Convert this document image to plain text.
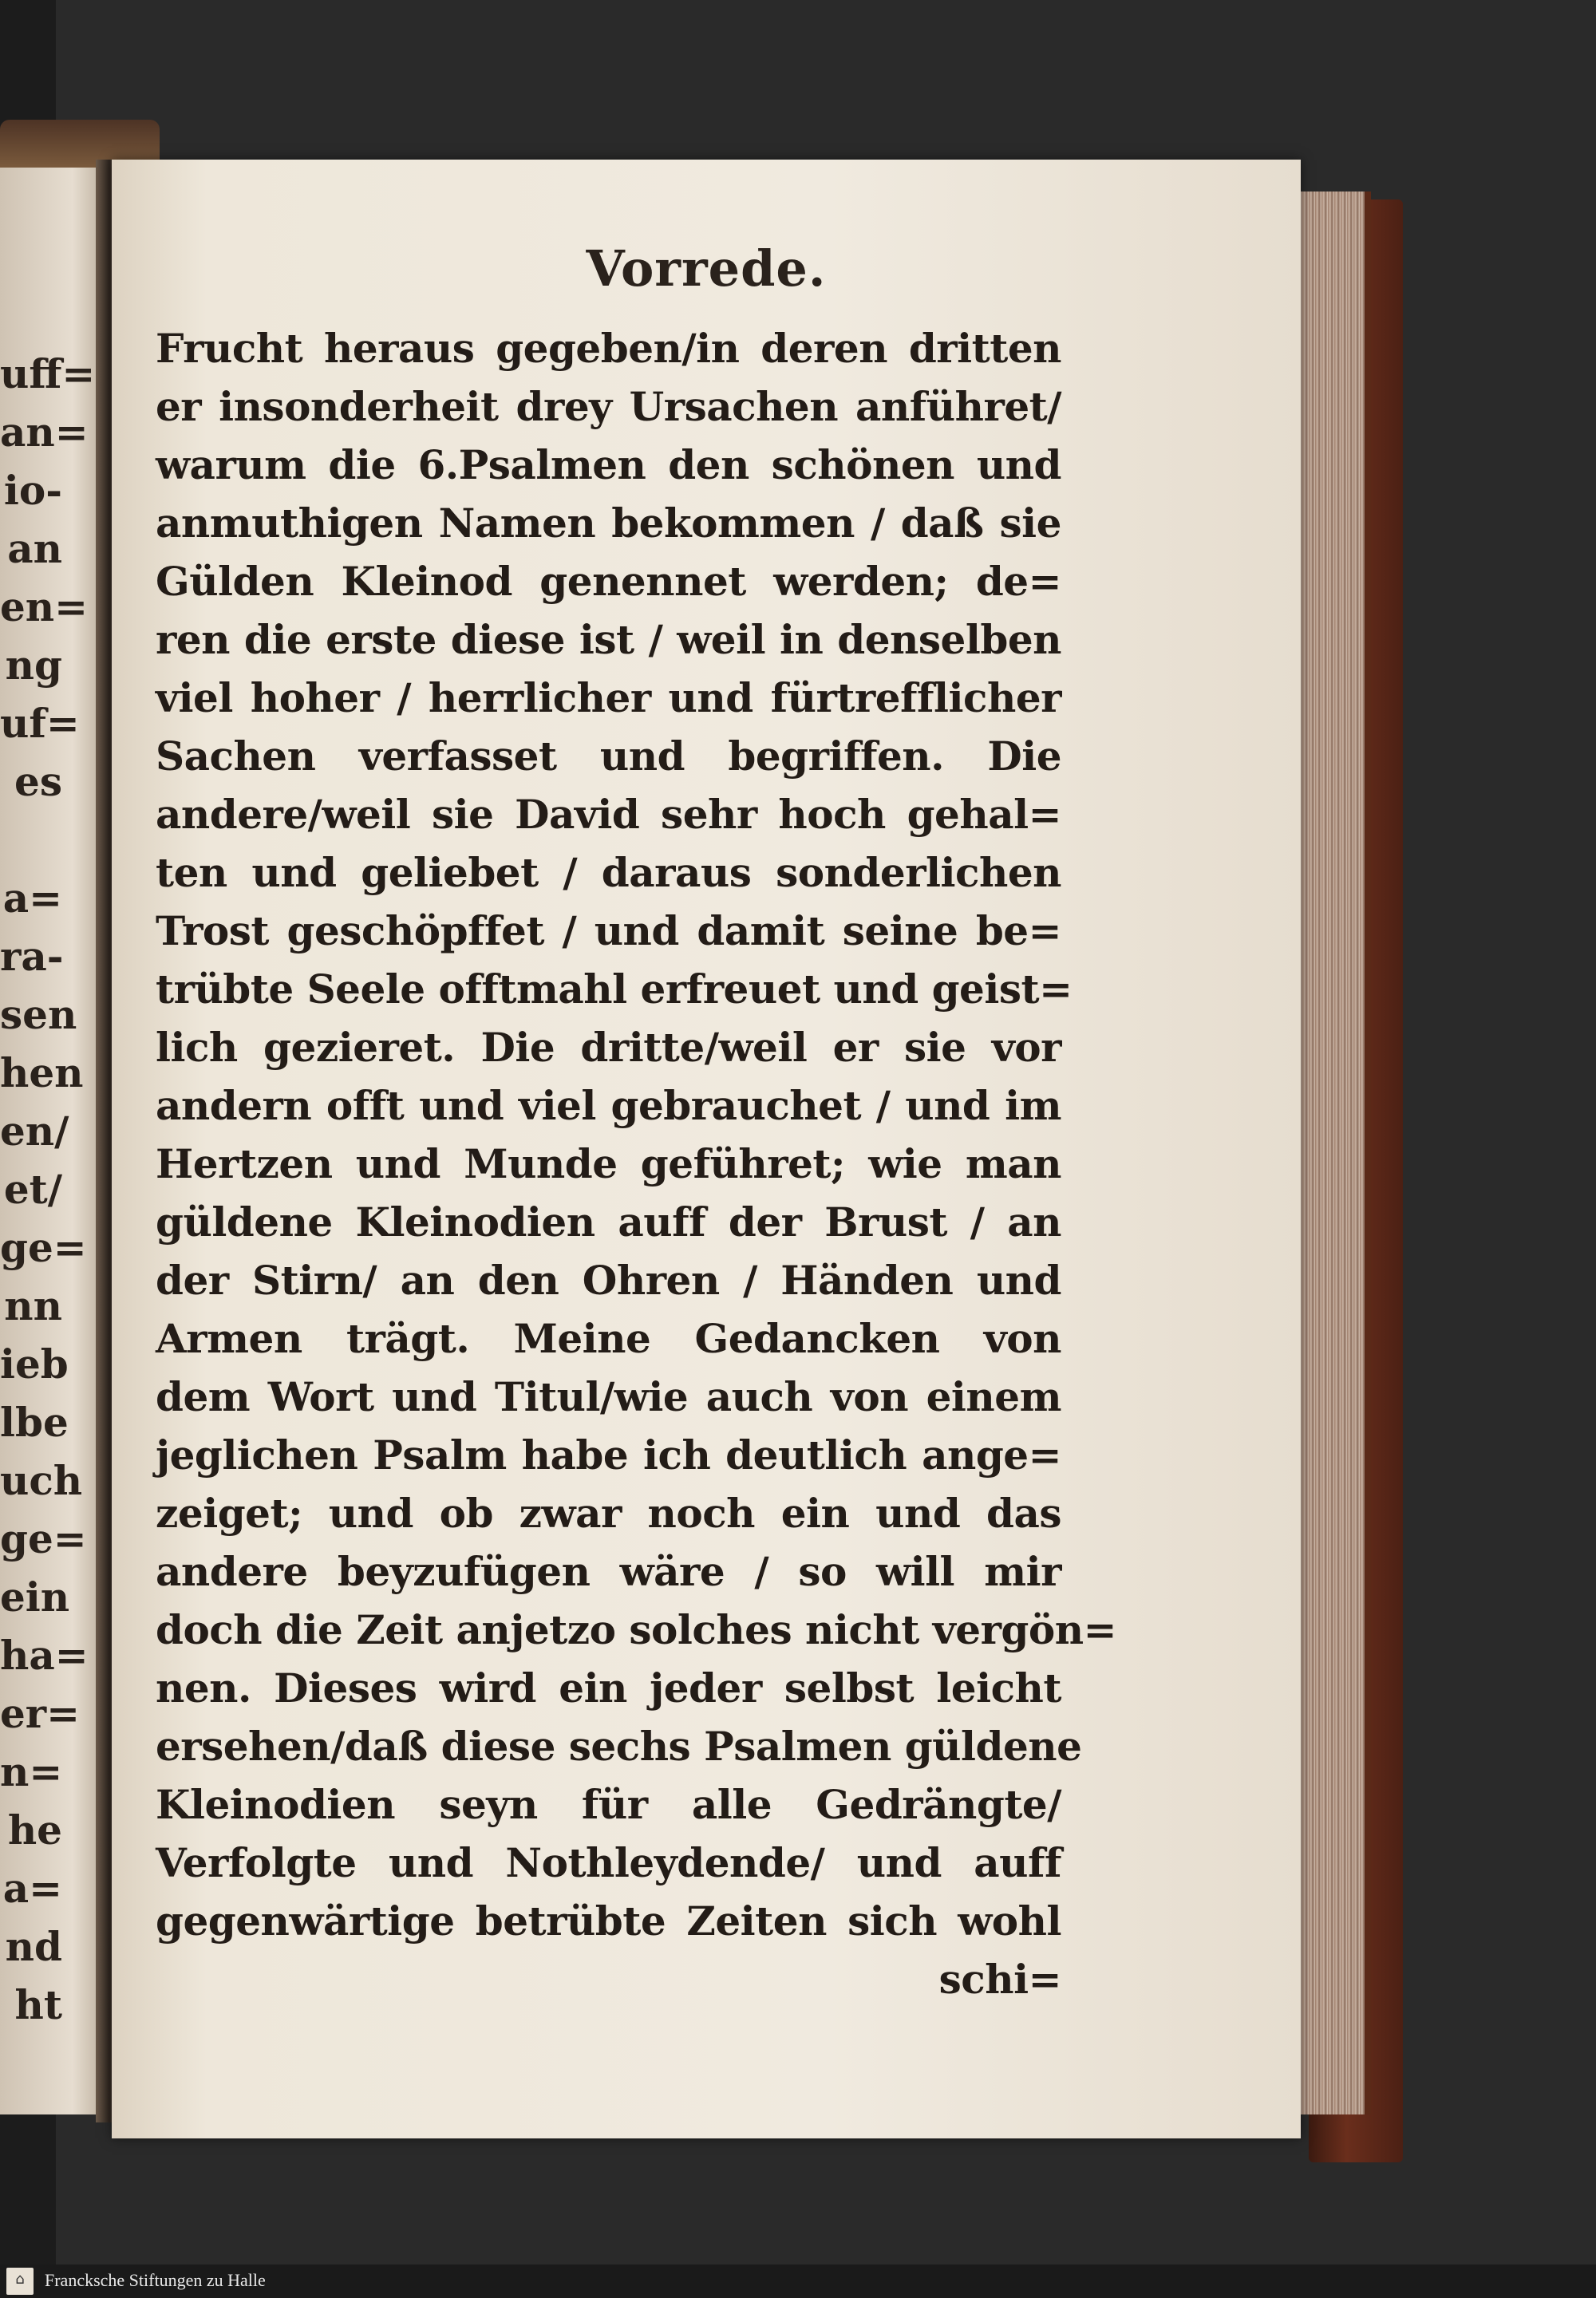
uff=
an=
io-
an
en=
ng
uf=
es
a=
ra-
sen
hen
en/
et/
ge=
nn
ieb
lbe
uch
ge=
ein
ha=
er=
n=
he
a=
nd
ht
Vorrede.
Frucht heraus gegeben/in deren dritten
er insonderheit drey Ursachen anführet/
warum die 6.Psalmen den schönen und
anmuthigen Namen bekommen / daß sie
Gülden Kleinod genennet werden; de=
ren die erste diese ist / weil in denselben
viel hoher / herrlicher und fürtrefflicher
Sachen verfasset und begriffen. Die
andere/weil sie David sehr hoch gehal=
ten und geliebet / daraus sonderlichen
Trost geschöpffet / und damit seine be=
trübte Seele offtmahl erfreuet und geist=
lich gezieret. Die dritte/weil er sie vor
andern offt und viel gebrauchet / und im
Hertzen und Munde geführet; wie man
güldene Kleinodien auff der Brust / an
der Stirn/ an den Ohren / Händen und
Armen trägt. Meine Gedancken von
dem Wort und Titul/wie auch von einem
jeglichen Psalm habe ich deutlich ange=
zeiget; und ob zwar noch ein und das
andere beyzufügen wäre / so will mir
doch die Zeit anjetzo solches nicht vergön=
nen. Dieses wird ein jeder selbst leicht
ersehen/daß diese sechs Psalmen güldene
Kleinodien seyn für alle Gedrängte/
Verfolgte und Nothleydende/ und auff
gegenwärtige betrübte Zeiten sich wohl
schi=
⌂ Francksche Stiftungen zu Halle
